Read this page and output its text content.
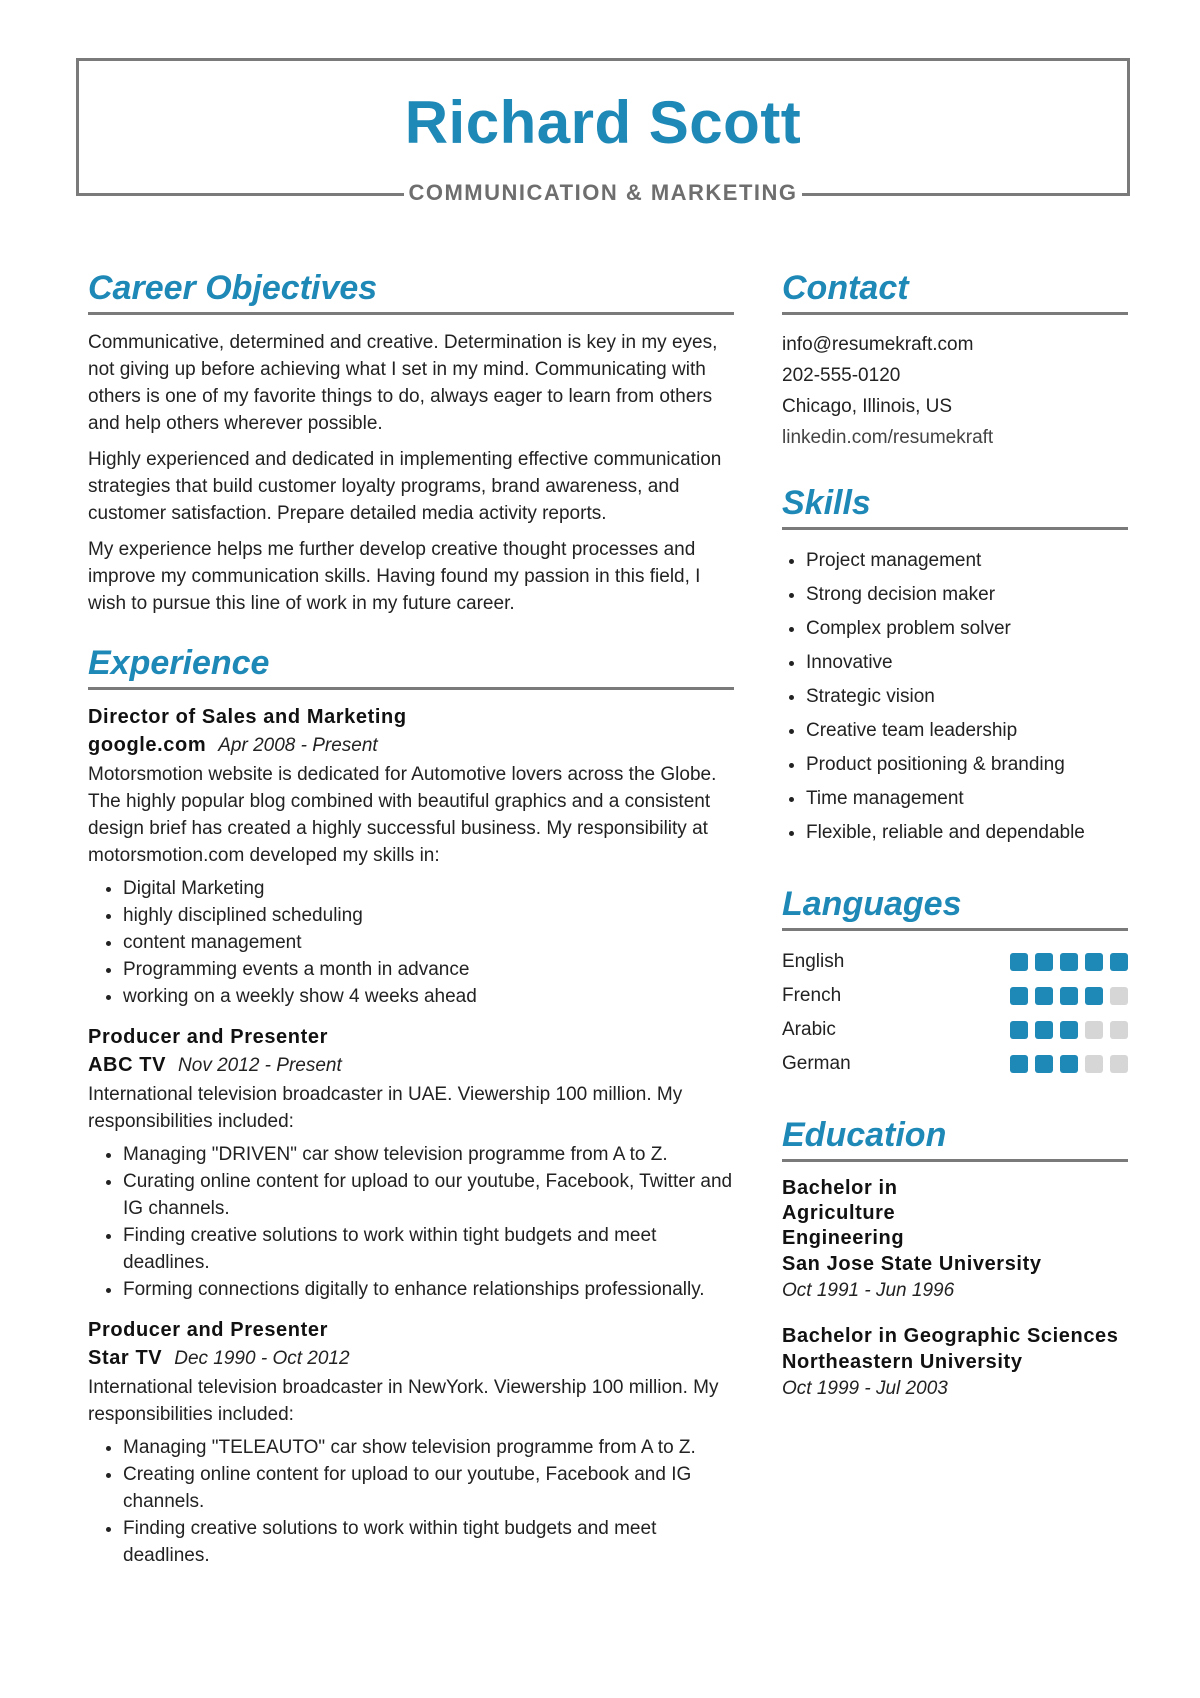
Richard Scott
COMMUNICATION & MARKETING
Career Objectives

Communicative, determined and creative. Determination is key in my eyes, not giving up before achieving what I set in my mind. Communicating with others is one of my favorite things to do, always eager to learn from others and help others wherever possible.

Highly experienced and dedicated in implementing effective communication strategies that build customer loyalty programs, brand awareness, and customer satisfaction. Prepare detailed media activity reports.

My experience helps me further develop creative thought processes and improve my communication skills. Having found my passion in this field, I wish to pursue this line of work in my future career.

Experience
Director of Sales and Marketing
google.com Apr 2008 - Present

Motorsmotion website is dedicated for Automotive lovers across the Globe. The highly popular blog combined with beautiful graphics and a consistent design brief has created a highly successful business. My responsibility at motorsmotion.com developed my skills in:

• Digital Marketing
• highly disciplined scheduling
• content management
• Programming events a month in advance
• working on a weekly show 4 weeks ahead
Producer and Presenter
ABC TV Nov 2012 - Present

International television broadcaster in UAE. Viewership 100 million. My responsibilities included:

• Managing "DRIVEN" car show television programme from A to Z.
• Curating online content for upload to our youtube, Facebook, Twitter and IG channels.
• Finding creative solutions to work within tight budgets and meet deadlines.
• Forming connections digitally to enhance relationships professionally.
Producer and Presenter
Star TV Dec 1990 - Oct 2012

International television broadcaster in NewYork. Viewership 100 million. My responsibilities included:

• Managing "TELEAUTO" car show television programme from A to Z.
• Creating online content for upload to our youtube, Facebook and IG channels.
• Finding creative solutions to work within tight budgets and meet deadlines.
Contact
info@resumekraft.com
202-555-0120
Chicago, Illinois, US
linkedin.com/resumekraft
Skills
• Project management
• Strong decision maker
• Complex problem solver
• Innovative
• Strategic vision
• Creative team leadership
• Product positioning & branding
• Time management
• Flexible, reliable and dependable
Languages
English
French
Arabic
German
Education
Bachelor in Agriculture Engineering
San Jose State University
Oct 1991 - Jun 1996
Bachelor in Geographic Sciences
Northeastern University
Oct 1999 - Jul 2003
